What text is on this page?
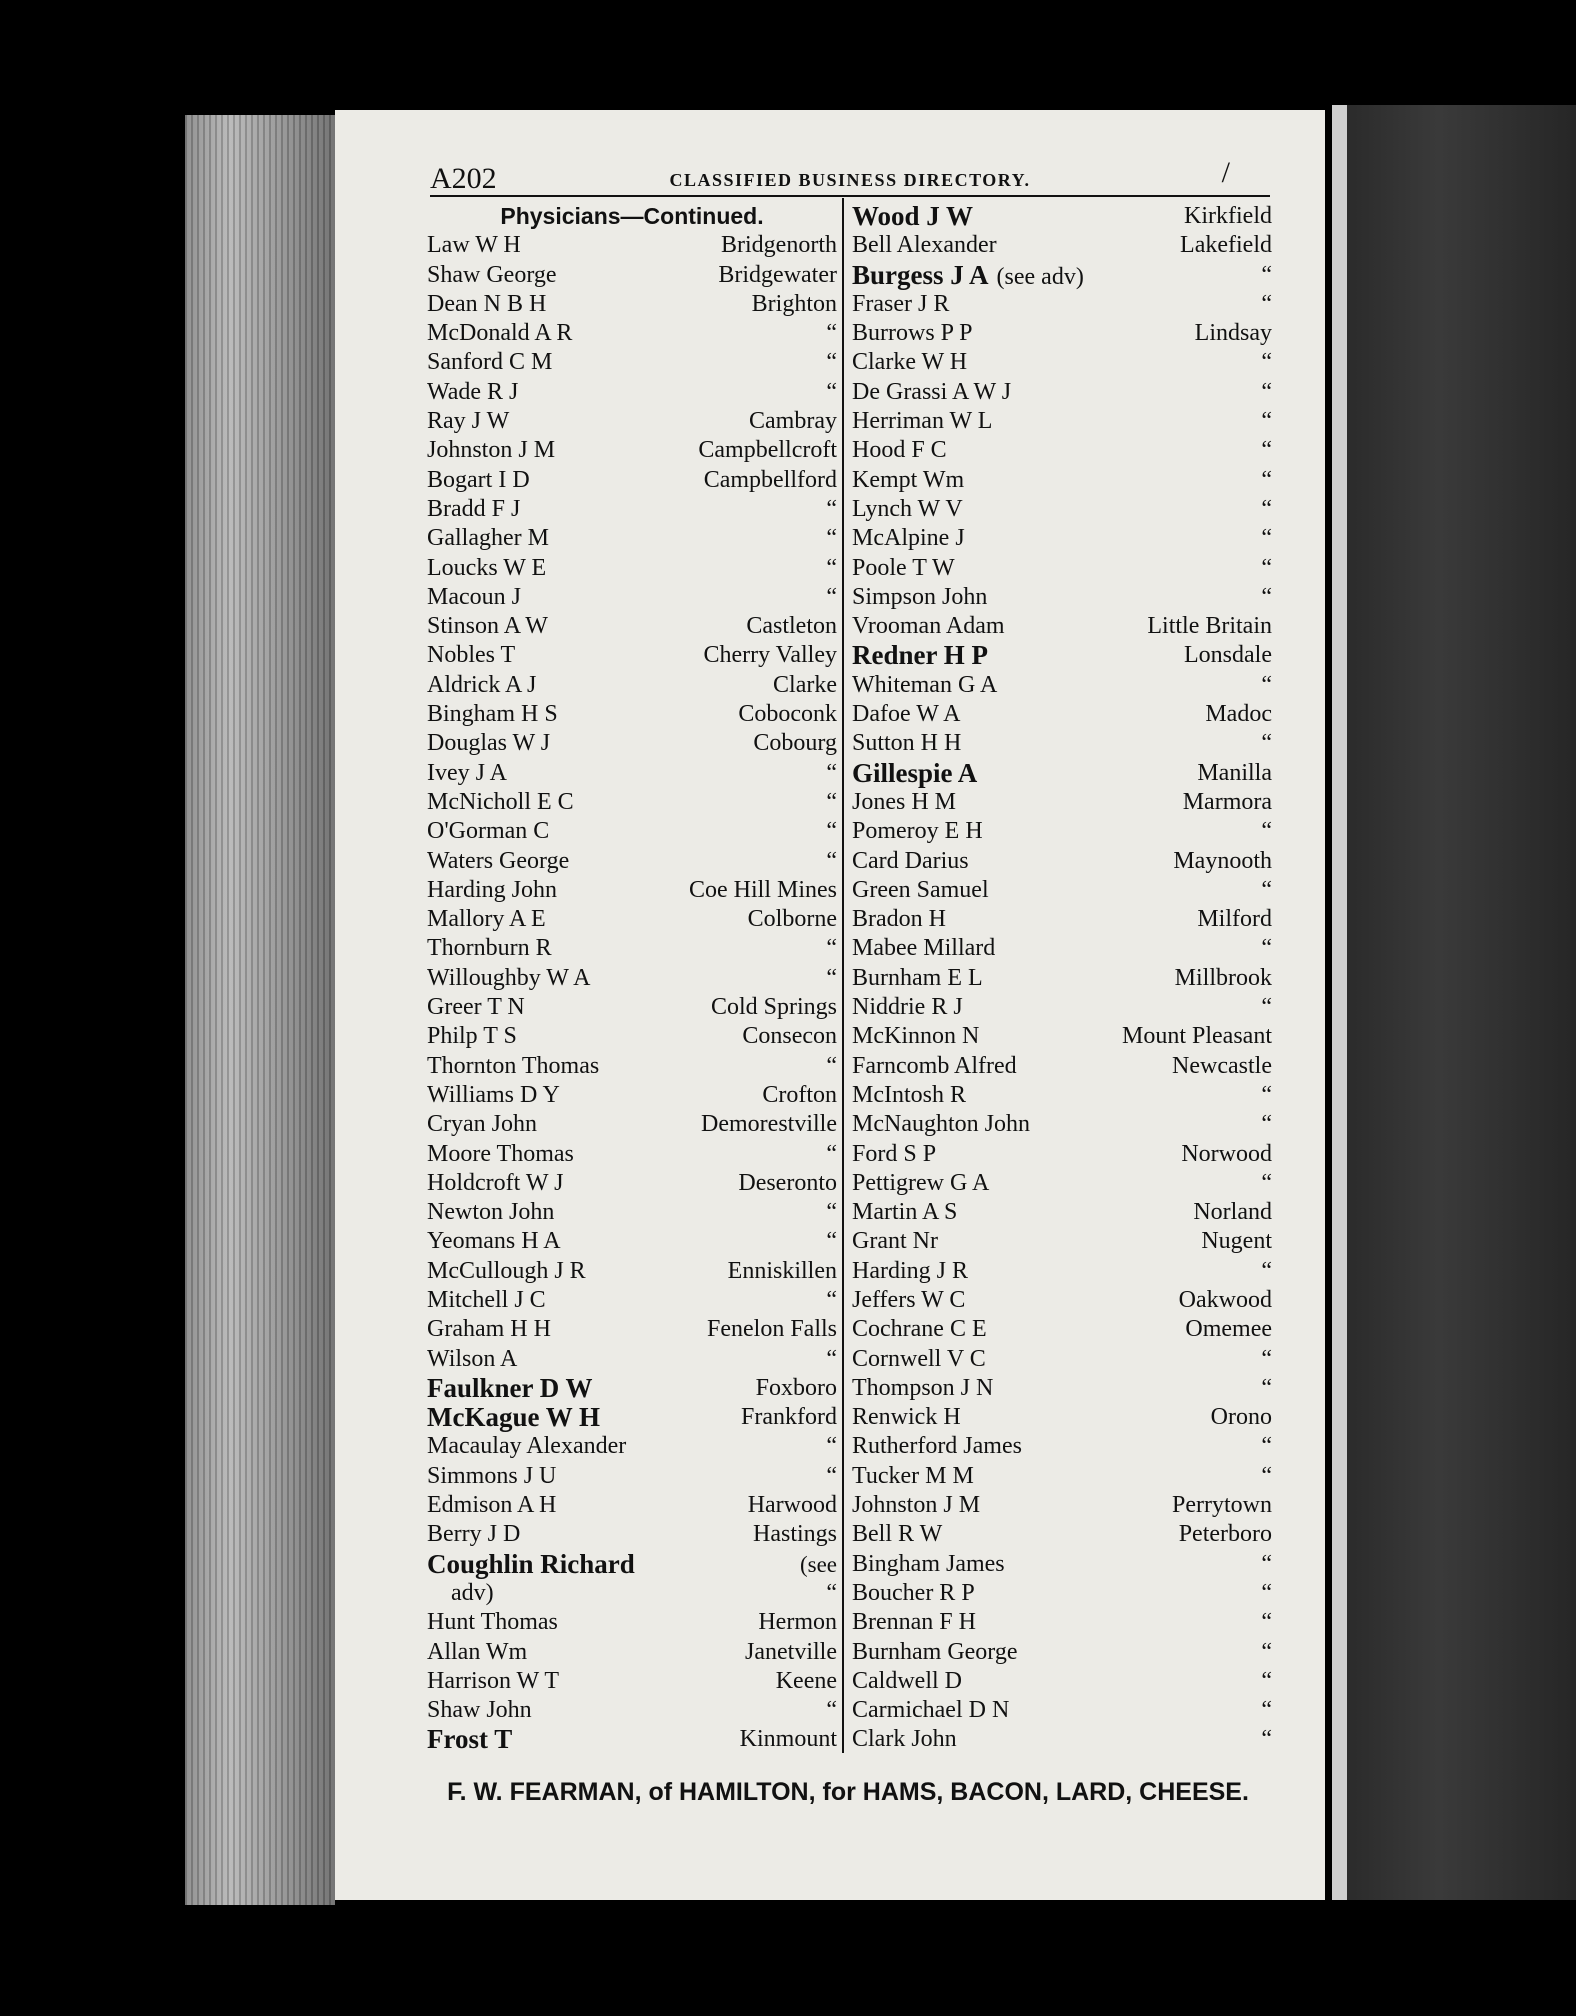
A202	CLASSIFIED BUSINESS DIRECTORY.	/
Physicians—Continued.
Law W H	Bridgenorth
Shaw George	Bridgewater
Dean N B H	Brighton
McDonald A R	“
Sanford C M	“
Wade R J	“
Ray J W	Cambray
Johnston J M	Campbellcroft
Bogart I D	Campbellford
Bradd F J	“
Gallagher M	“
Loucks W E	“
Macoun J	“
Stinson A W	Castleton
Nobles T	Cherry Valley
Aldrick A J	Clarke
Bingham H S	Coboconk
Douglas W J	Cobourg
Ivey J A	“
McNicholl E C	“
O'Gorman C	“
Waters George	“
Harding John	Coe Hill Mines
Mallory A E	Colborne
Thornburn R	“
Willoughby W A	“
Greer T N	Cold Springs
Philp T S	Consecon
Thornton Thomas	“
Williams D Y	Crofton
Cryan John	Demorestville
Moore Thomas	“
Holdcroft W J	Deseronto
Newton John	“
Yeomans H A	“
McCullough J R	Enniskillen
Mitchell J C	“
Graham H H	Fenelon Falls
Wilson A	“
Faulkner D W	Foxboro
McKague W H	Frankford
Macaulay Alexander	“
Simmons J U	“
Edmison A H	Harwood
Berry J D	Hastings
Coughlin Richard	(see
adv)	“
Hunt Thomas	Hermon
Allan Wm	Janetville
Harrison W T	Keene
Shaw John	“
Frost T	Kinmount
Wood J W	Kirkfield
Bell Alexander	Lakefield
Burgess J A (see adv)	“
Fraser J R	“
Burrows P P	Lindsay
Clarke W H	“
De Grassi A W J	“
Herriman W L	“
Hood F C	“
Kempt Wm	“
Lynch W V	“
McAlpine J	“
Poole T W	“
Simpson John	“
Vrooman Adam	Little Britain
Redner H P	Lonsdale
Whiteman G A	“
Dafoe W A	Madoc
Sutton H H	“
Gillespie A	Manilla
Jones H M	Marmora
Pomeroy E H	“
Card Darius	Maynooth
Green Samuel	“
Bradon H	Milford
Mabee Millard	“
Burnham E L	Millbrook
Niddrie R J	“
McKinnon N	Mount Pleasant
Farncomb Alfred	Newcastle
McIntosh R	“
McNaughton John	“
Ford S P	Norwood
Pettigrew G A	“
Martin A S	Norland
Grant Nr	Nugent
Harding J R	“
Jeffers W C	Oakwood
Cochrane C E	Omemee
Cornwell V C	“
Thompson J N	“
Renwick H	Orono
Rutherford James	“
Tucker M M	“
Johnston J M	Perrytown
Bell R W	Peterboro
Bingham James	“
Boucher R P	“
Brennan F H	“
Burnham George	“
Caldwell D	“
Carmichael D N	“
Clark John	“
F. W. FEARMAN, of HAMILTON, for HAMS, BACON, LARD, CHEESE.
